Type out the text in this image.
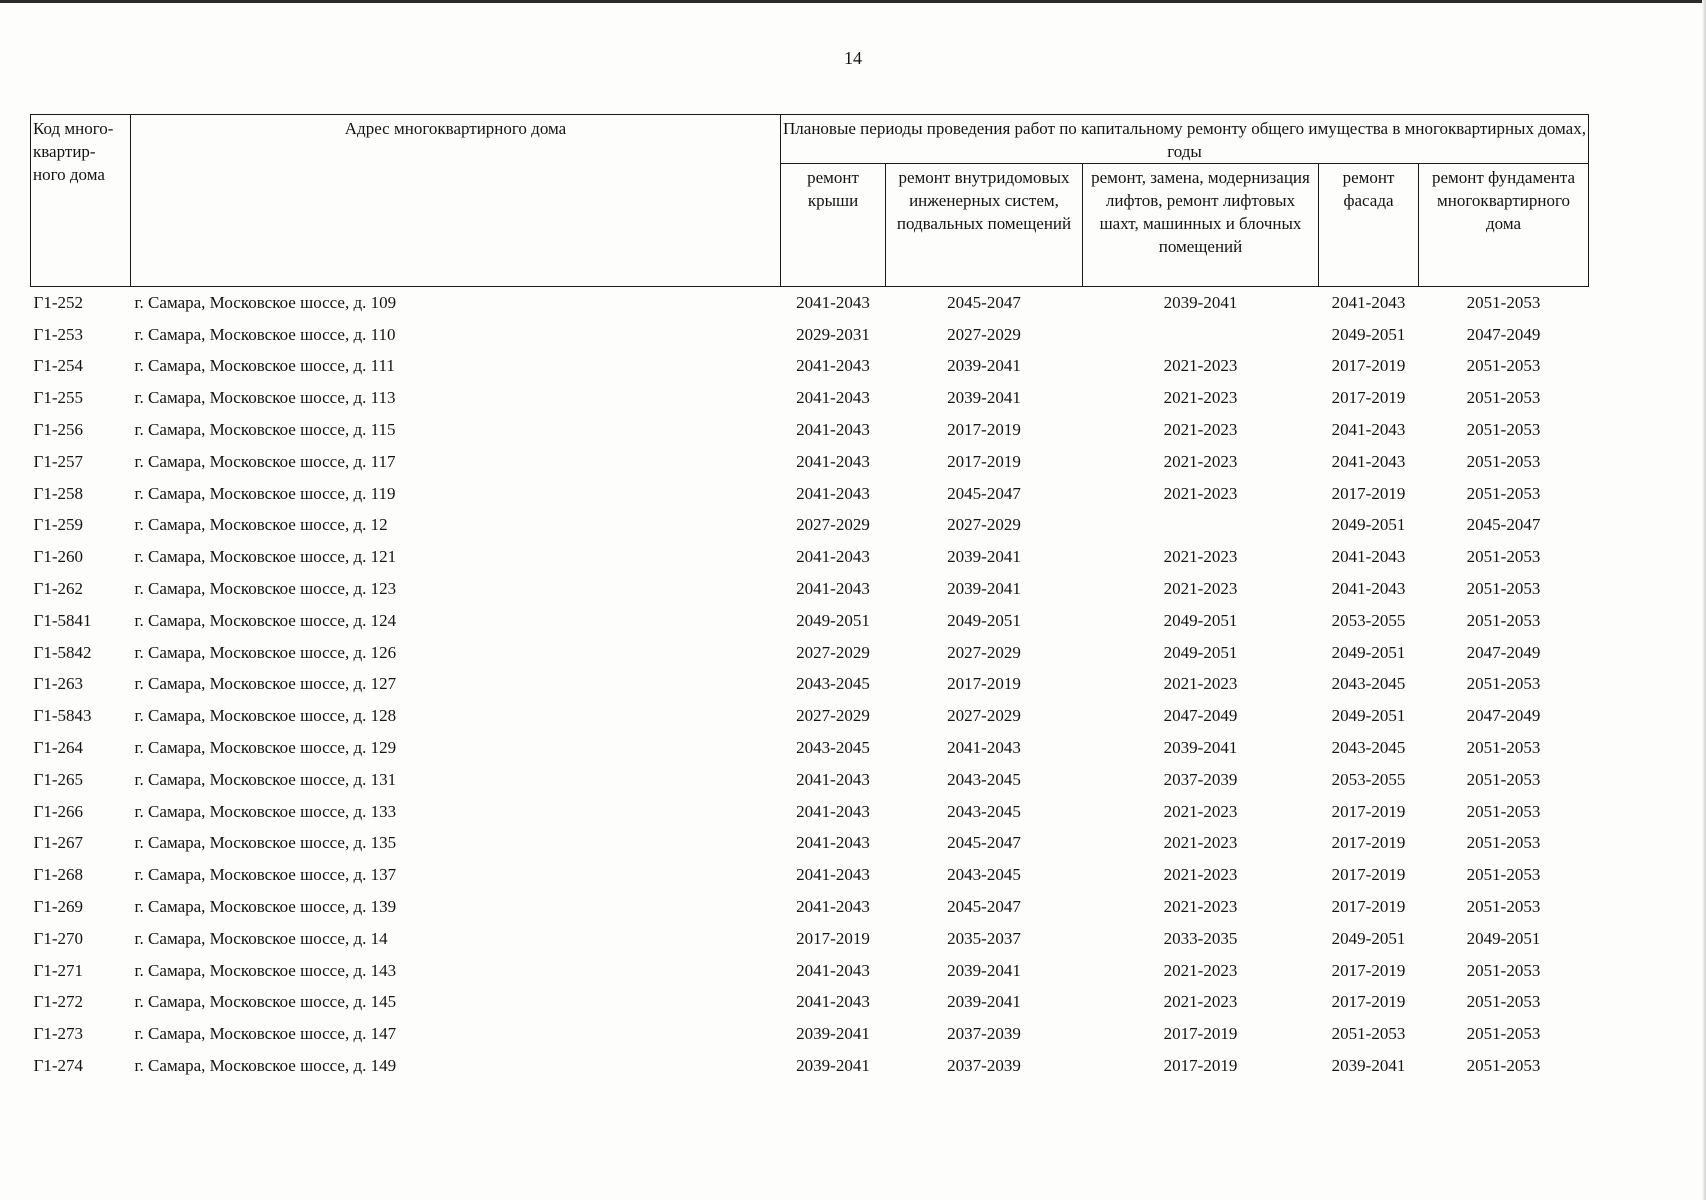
14
Код много-квартир-ного дома	Адрес многоквартирного дома	Плановые периоды проведения работ по капитальному ремонту общего имущества в многоквартирных домах, годы				
		ремонт крыши	ремонт внутридомовых инженерных систем, подвальных помещений	ремонт, замена, модернизация лифтов, ремонт лифтовых шахт, машинных и блочных помещений	ремонт фасада	ремонт фундамента многоквартирного дома
Г1-252	г. Самара, Московское шоссе, д. 109	2041-2043	2045-2047	2039-2041	2041-2043	2051-2053
Г1-253	г. Самара, Московское шоссе, д. 110	2029-2031	2027-2029		2049-2051	2047-2049
Г1-254	г. Самара, Московское шоссе, д. 111	2041-2043	2039-2041	2021-2023	2017-2019	2051-2053
Г1-255	г. Самара, Московское шоссе, д. 113	2041-2043	2039-2041	2021-2023	2017-2019	2051-2053
Г1-256	г. Самара, Московское шоссе, д. 115	2041-2043	2017-2019	2021-2023	2041-2043	2051-2053
Г1-257	г. Самара, Московское шоссе, д. 117	2041-2043	2017-2019	2021-2023	2041-2043	2051-2053
Г1-258	г. Самара, Московское шоссе, д. 119	2041-2043	2045-2047	2021-2023	2017-2019	2051-2053
Г1-259	г. Самара, Московское шоссе, д. 12	2027-2029	2027-2029		2049-2051	2045-2047
Г1-260	г. Самара, Московское шоссе, д. 121	2041-2043	2039-2041	2021-2023	2041-2043	2051-2053
Г1-262	г. Самара, Московское шоссе, д. 123	2041-2043	2039-2041	2021-2023	2041-2043	2051-2053
Г1-5841	г. Самара, Московское шоссе, д. 124	2049-2051	2049-2051	2049-2051	2053-2055	2051-2053
Г1-5842	г. Самара, Московское шоссе, д. 126	2027-2029	2027-2029	2049-2051	2049-2051	2047-2049
Г1-263	г. Самара, Московское шоссе, д. 127	2043-2045	2017-2019	2021-2023	2043-2045	2051-2053
Г1-5843	г. Самара, Московское шоссе, д. 128	2027-2029	2027-2029	2047-2049	2049-2051	2047-2049
Г1-264	г. Самара, Московское шоссе, д. 129	2043-2045	2041-2043	2039-2041	2043-2045	2051-2053
Г1-265	г. Самара, Московское шоссе, д. 131	2041-2043	2043-2045	2037-2039	2053-2055	2051-2053
Г1-266	г. Самара, Московское шоссе, д. 133	2041-2043	2043-2045	2021-2023	2017-2019	2051-2053
Г1-267	г. Самара, Московское шоссе, д. 135	2041-2043	2045-2047	2021-2023	2017-2019	2051-2053
Г1-268	г. Самара, Московское шоссе, д. 137	2041-2043	2043-2045	2021-2023	2017-2019	2051-2053
Г1-269	г. Самара, Московское шоссе, д. 139	2041-2043	2045-2047	2021-2023	2017-2019	2051-2053
Г1-270	г. Самара, Московское шоссе, д. 14	2017-2019	2035-2037	2033-2035	2049-2051	2049-2051
Г1-271	г. Самара, Московское шоссе, д. 143	2041-2043	2039-2041	2021-2023	2017-2019	2051-2053
Г1-272	г. Самара, Московское шоссе, д. 145	2041-2043	2039-2041	2021-2023	2017-2019	2051-2053
Г1-273	г. Самара, Московское шоссе, д. 147	2039-2041	2037-2039	2017-2019	2051-2053	2051-2053
Г1-274	г. Самара, Московское шоссе, д. 149	2039-2041	2037-2039	2017-2019	2039-2041	2051-2053
